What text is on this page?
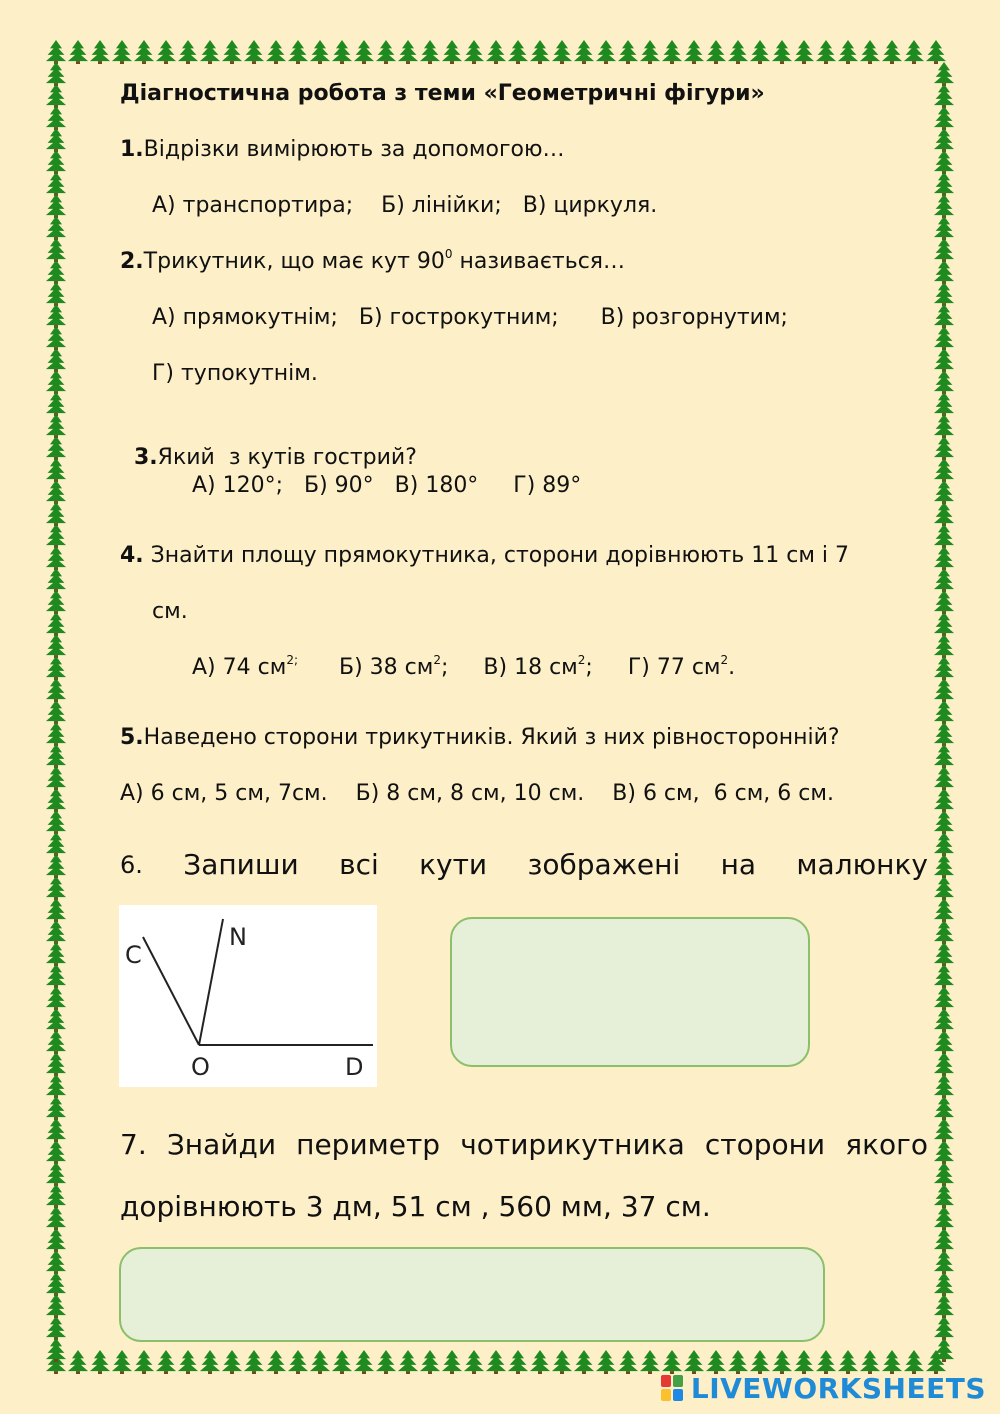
Діагностична робота з теми «Геометричні фігури»
1.Відрізки вимірюють за допомогою…
А) транспортира;    Б) лінійки;   В) циркуля.
2.Трикутник, що має кут $90^0$ називається…
А) прямокутнім;   Б) гострокутним;      В) розгорнутим;
Г) тупокутнім.

3.Який  з кутів гострий?

А) 120°;   Б) 90°   В) 180°     Г) 89°
4. Знайти площу прямокутника, сторони дорівнюють 11 см і 7
см.
А) 74 $см^{2;}$ Б) 38 $см^2$; В) 18 $см^2$; Г) 77 $см^2$.
5.Наведено сторони трикутників. Який з них рівносторонній?
А) 6 см, 5 см, 7см.    Б) 8 см, 8 см, 10 см.    В) 6 см,  6 см, 6 см.
6. Запиши всі кути зображені на малюнку
C
N
O	D
7. Знайди периметр чотирикутника сторони якого
дорівнюють 3 дм, 51 см , 560 мм, 37 см.
LIVEWORKSHEETS
